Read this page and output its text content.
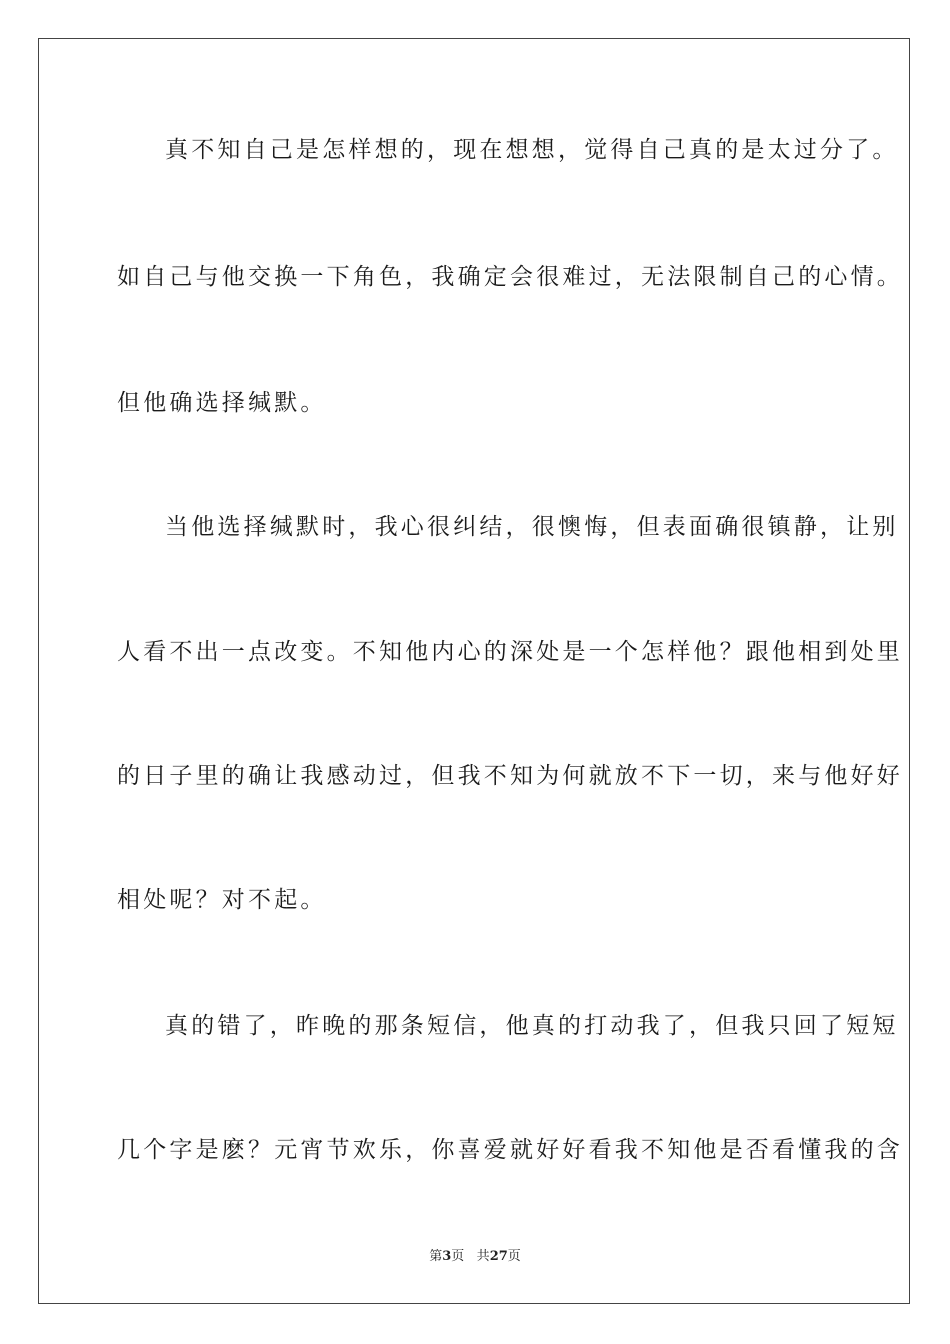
真不知自己是怎样想的，现在想想，觉得自己真的是太过分了。
如自己与他交换一下角色，我确定会很难过，无法限制自己的心情。
但他确选择缄默。
当他选择缄默时，我心很纠结，很懊悔，但表面确很镇静，让别
人看不出一点改变。不知他内心的深处是一个怎样他？跟他相到处里
的日子里的确让我感动过，但我不知为何就放不下一切，来与他好好
相处呢？对不起。
真的错了，昨晚的那条短信，他真的打动我了，但我只回了短短
几个字是麽？元宵节欢乐，你喜爱就好好看我不知他是否看懂我的含
第3页 共27页
